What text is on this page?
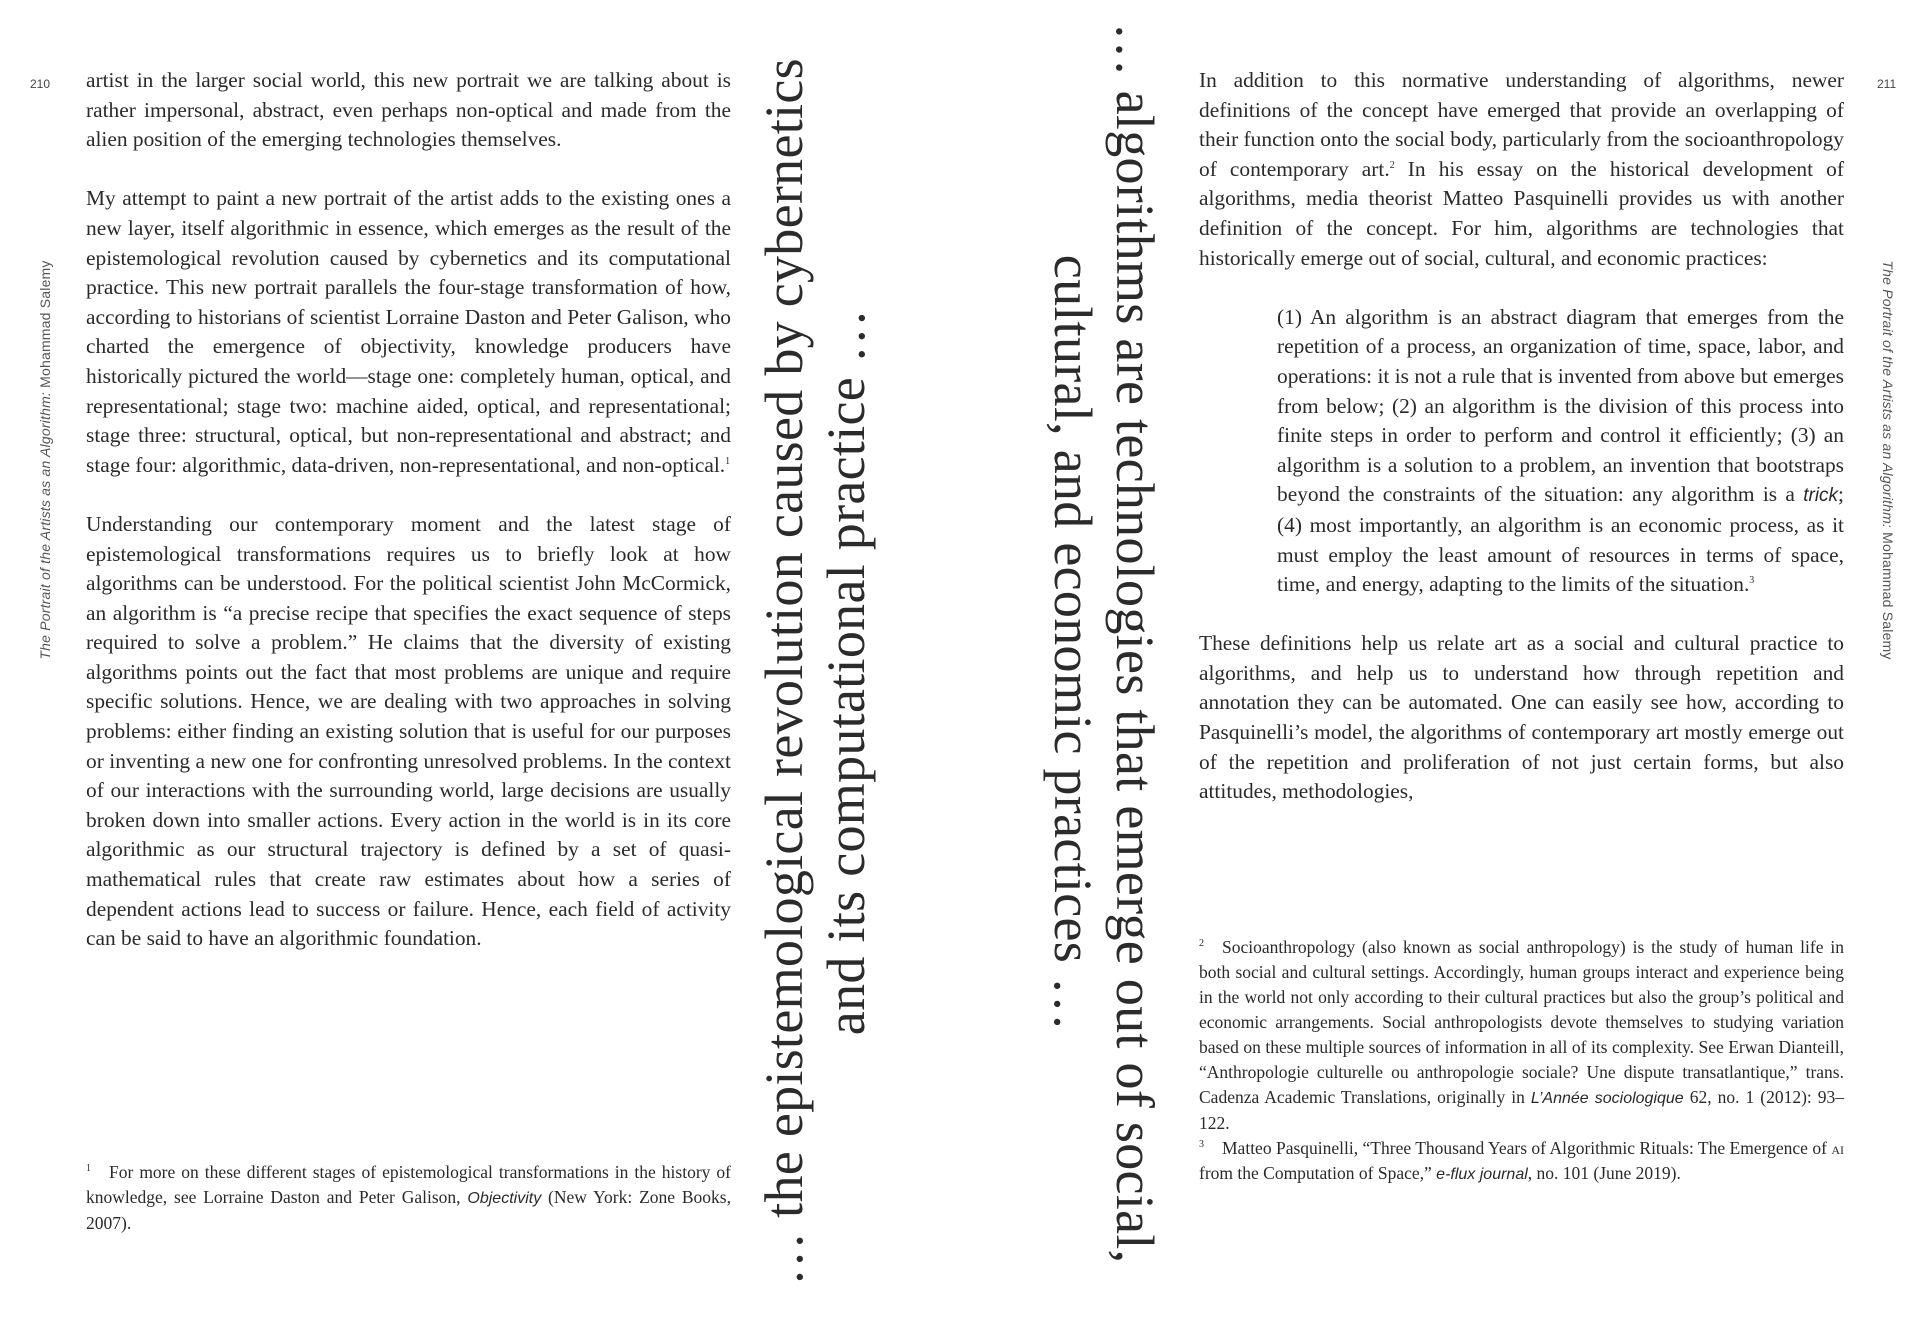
210	211
The Portrait of the Artists as an Algorithm: Mohammad Salemy	The Portrait of the Artists as an Algorithm: Mohammad Salemy

artist in the larger social world, this new portrait we are talking about is rather impersonal, abstract, even perhaps non-optical and made from the alien position of the emerging technologies themselves.

My attempt to paint a new portrait of the artist adds to the existing ones a new layer, itself algorithmic in essence, which emerges as the result of the epistemological revolution caused by cybernetics and its computational practice. This new portrait parallels the four-stage transformation of how, according to historians of scientist Lorraine Daston and Peter Galison, who charted the emergence of objectivity, knowledge producers have historically pictured the world—stage one: completely human, optical, and representational; stage two: machine aided, optical, and representational; stage three: structural, optical, but non-representational and abstract; and stage four: algorithmic, data-driven, non-representational, and non-optical.$^1$

Understanding our contemporary moment and the latest stage of epistemological transformations requires us to briefly look at how algorithms can be understood. For the political scientist John McCormick, an algorithm is “a precise recipe that specifies the exact sequence of steps required to solve a problem.” He claims that the diversity of existing algorithms points out the fact that most problems are unique and require specific solutions. Hence, we are dealing with two approaches in solving problems: either finding an existing solution that is useful for our purposes or inventing a new one for confronting unresolved problems. In the context of our interactions with the surrounding world, large decisions are usually broken down into smaller actions. Every action in the world is in its core algorithmic as our structural trajectory is defined by a set of quasi-mathematical rules that create raw estimates about how a series of dependent actions lead to success or failure. Hence, each field of activity can be said to have an algorithmic foundation.

$^1$ For more on these different stages of epistemological transformations in the history of knowledge, see Lorraine Daston and Peter Galison, Objectivity (New York: Zone Books, 2007).	… the epistemological revolution caused by cybernetics and its computational practice …	… algorithms are technologies that emerge out of social,
cultural, and economic practices …

In addition to this normative understanding of algorithms, newer definitions of the concept have emerged that provide an overlapping of their function onto the social body, particularly from the socioanthropology of contemporary art.$^2$ In his essay on the historical development of algorithms, media theorist Matteo Pasquinelli provides us with another definition of the concept. For him, algorithms are technologies that historically emerge out of social, cultural, and economic practices:

(1) An algorithm is an abstract diagram that emerges from the repetition of a process, an organization of time, space, labor, and operations: it is not a rule that is invented from above but emerges from below; (2) an algorithm is the division of this process into finite steps in order to perform and control it efficiently; (3) an algorithm is a solution to a problem, an invention that bootstraps beyond the constraints of the situation: any algorithm is a trick; (4) most importantly, an algorithm is an economic process, as it must employ the least amount of resources in terms of space, time, and energy, adapting to the limits of the situation.$^3$

These definitions help us relate art as a social and cultural practice to algorithms, and help us to understand how through repetition and annotation they can be automated. One can easily see how, according to Pasquinelli’s model, the algorithms of contemporary art mostly emerge out of the repetition and proliferation of not just certain forms, but also attitudes, methodologies,

$^2$ Socioanthropology (also known as social anthropology) is the study of human life in both social and cultural settings. Accordingly, human groups interact and experience being in the world not only according to their cultural practices but also the group’s political and economic arrangements. Social anthropologists devote themselves to studying variation based on these multiple sources of information in all of its complexity. See Erwan Dianteill, “Anthropologie culturelle ou anthropologie sociale? Une dispute transatlantique,” trans. Cadenza Academic Translations, originally in L’Année sociologique 62, no. 1 (2012): 93–122.

$^3$ Matteo Pasquinelli, “Three Thousand Years of Algorithmic Rituals: The Emergence of ai from the Computation of Space,” e-flux journal, no. 101 (June 2019).
